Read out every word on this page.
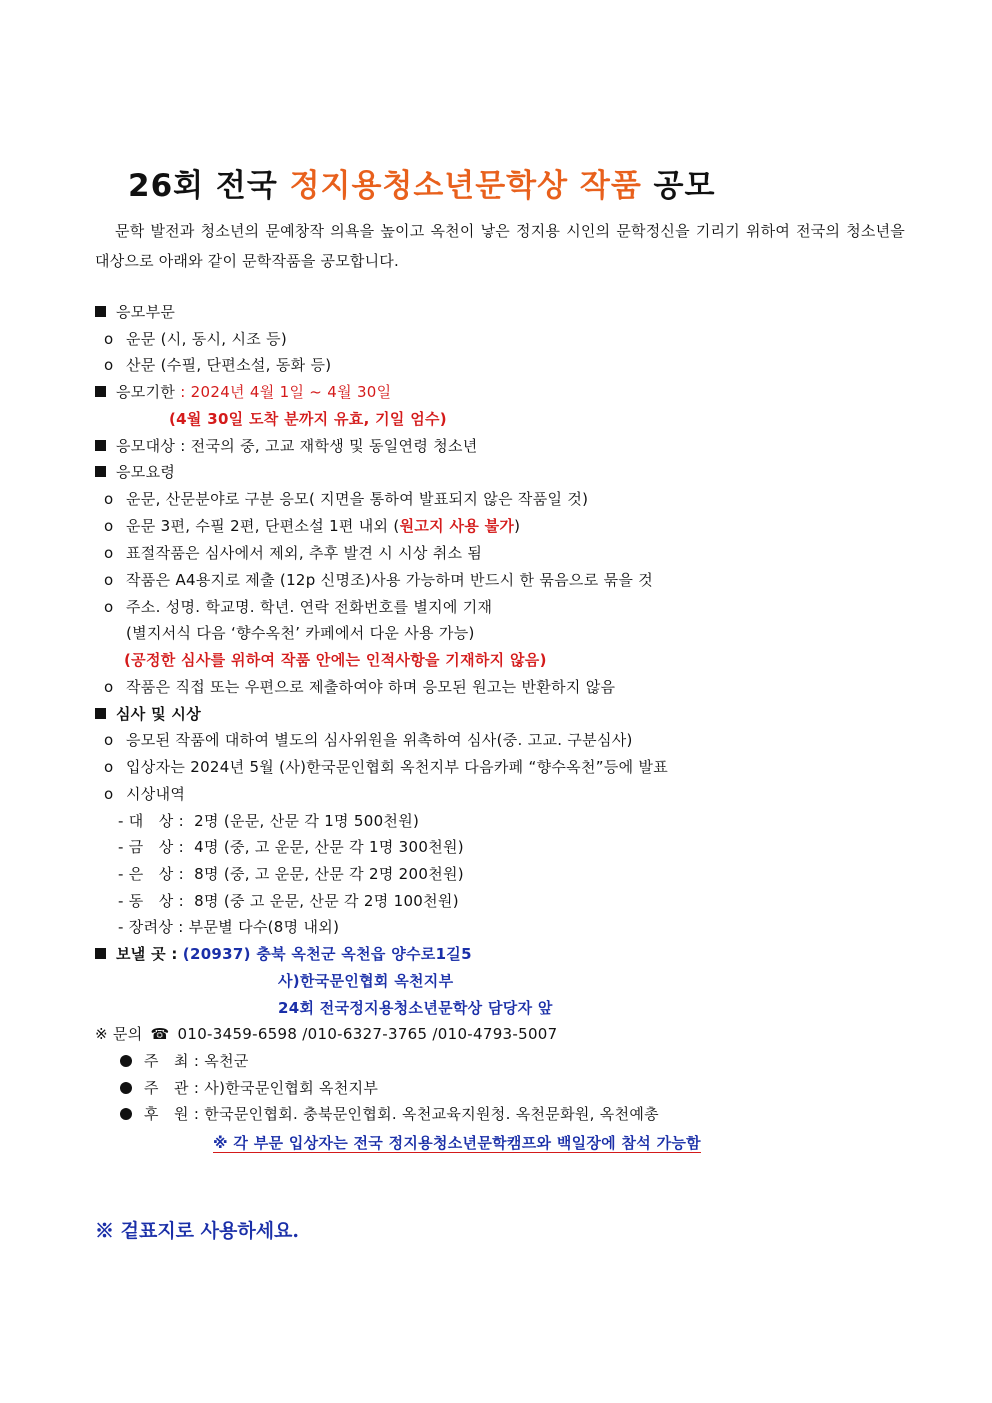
26회 전국 정지용청소년문학상 작품 공모
문학 발전과 청소년의 문예창작 의욕을 높이고 옥천이 낳은 정지용 시인의 문학정신을 기리기 위하여 전국의 청소년을 대상으로 아래와 같이 문학작품을 공모합니다.
응모부문
o 운문 (시, 동시, 시조 등)
o 산문 (수필, 단편소설, 동화 등)
응모기한 : 2024년 4월 1일 ~ 4월 30일
(4월 30일 도착 분까지 유효, 기일 엄수)
응모대상 : 전국의 중, 고교 재학생 및 동일연령 청소년
응모요령
o 운문, 산문분야로 구분 응모( 지면을 통하여 발표되지 않은 작품일 것)
o 운문 3편, 수필 2편, 단편소설 1편 내외 (원고지 사용 불가)
o 표절작품은 심사에서 제외, 추후 발견 시 시상 취소 됨
o 작품은 A4용지로 제출 (12p 신명조)사용 가능하며 반드시 한 묶음으로 묶을 것
o 주소. 성명. 학교명. 학년. 연락 전화번호를 별지에 기재
(별지서식 다음 ‘향수옥천’ 카페에서 다운 사용 가능)
(공정한 심사를 위하여 작품 안에는 인적사항을 기재하지 않음)
o 작품은 직접 또는 우편으로 제출하여야 하며 응모된 원고는 반환하지 않음
심사 및 시상
o 응모된 작품에 대하여 별도의 심사위원을 위촉하여 심사(중. 고교. 구분심사)
o 입상자는 2024년 5월 (사)한국문인협회 옥천지부 다음카페 “향수옥천”등에 발표
o 시상내역
- 대   상 :  2명 (운문, 산문 각 1명 500천원)
- 금   상 :  4명 (중, 고 운문, 산문 각 1명 300천원)
- 은   상 :  8명 (중, 고 운문, 산문 각 2명 200천원)
- 동   상 :  8명 (중 고 운문, 산문 각 2명 100천원)
- 장려상 : 부문별 다수(8명 내외)
보낼 곳 : (20937) 충북 옥천군 옥천읍 양수로1길5
사)한국문인협회 옥천지부
24회 전국정지용청소년문학상 담당자 앞
※ 문의 ☎ 010-3459-6598 /010-6327-3765 /010-4793-5007
주   최 : 옥천군
주   관 : 사)한국문인협회 옥천지부
후   원 : 한국문인협회. 충북문인협회. 옥천교육지원청. 옥천문화원, 옥천예총
※ 각 부문 입상자는 전국 정지용청소년문학캠프와 백일장에 참석 가능함
※ 겉표지로 사용하세요.
